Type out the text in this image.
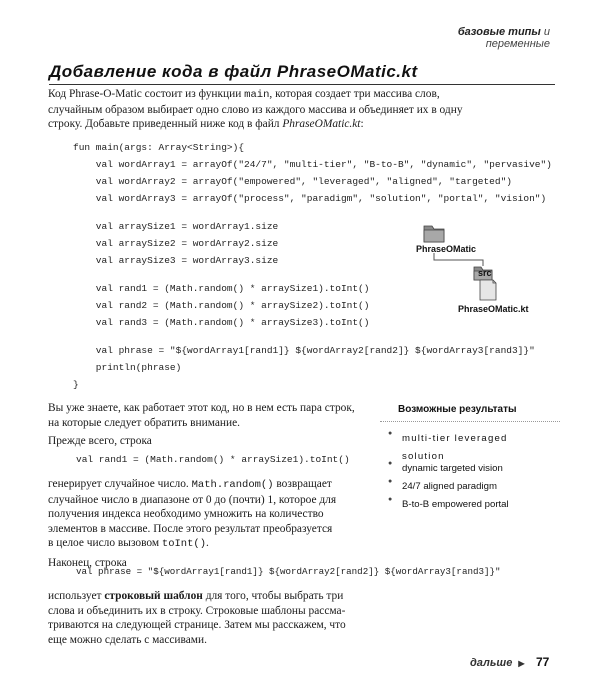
базовые типы и переменные
Добавление кода в файл PhraseOMatic.kt
Код Phrase-O-Matic состоит из функции main, которая создает три массива слов,
случайным образом выбирает одно слово из каждого массива и объединяет их в одну
строку. Добавьте приведенный ниже код в файл PhraseOMatic.kt:

fun main(args: Array<String>){

val wordArray1 = arrayOf("24/7", "multi-tier", "B-to-B", "dynamic", "pervasive")

val wordArray2 = arrayOf("empowered", "leveraged", "aligned", "targeted")

val wordArray3 = arrayOf("process", "paradigm", "solution", "portal", "vision")

val arraySize1 = wordArray1.size

val arraySize2 = wordArray2.size

val arraySize3 = wordArray3.size

val rand1 = (Math.random() * arraySize1).toInt()

val rand2 = (Math.random() * arraySize2).toInt()

val rand3 = (Math.random() * arraySize3).toInt()

val phrase = "${wordArray1[rand1]} ${wordArray2[rand2]} ${wordArray3[rand3]}"

println(phrase)

}

PhraseOMatic
src
PhraseOMatic.kt
Вы уже знаете, как работает этот код, но в нем есть пара строк,
на которые следует обратить внимание.
Прежде всего, строка
val rand1 = (Math.random() * arraySize1).toInt()
генерирует случайное число. Math.random() возвращает
случайное число в диапазоне от 0 до (почти) 1, которое для
получения индекса необходимо умножить на количество
элементов в массиве. После этого результат преобразуется
в целое число вызовом toInt().
Наконец, строка
val phrase = "${wordArray1[rand1]} ${wordArray2[rand2]} ${wordArray3[rand3]}"
использует строковый шаблон для того, чтобы выбрать три
слова и объединить их в строку. Строковые шаблоны рассма-
триваются на следующей странице. Затем мы расскажем, что
еще можно сделать с массивами.
Возможные результаты
● multi-tier leveraged solution
● dynamic targeted vision
● 24/7 aligned paradigm
● B-to-B empowered portal
дальше ▶ 77
